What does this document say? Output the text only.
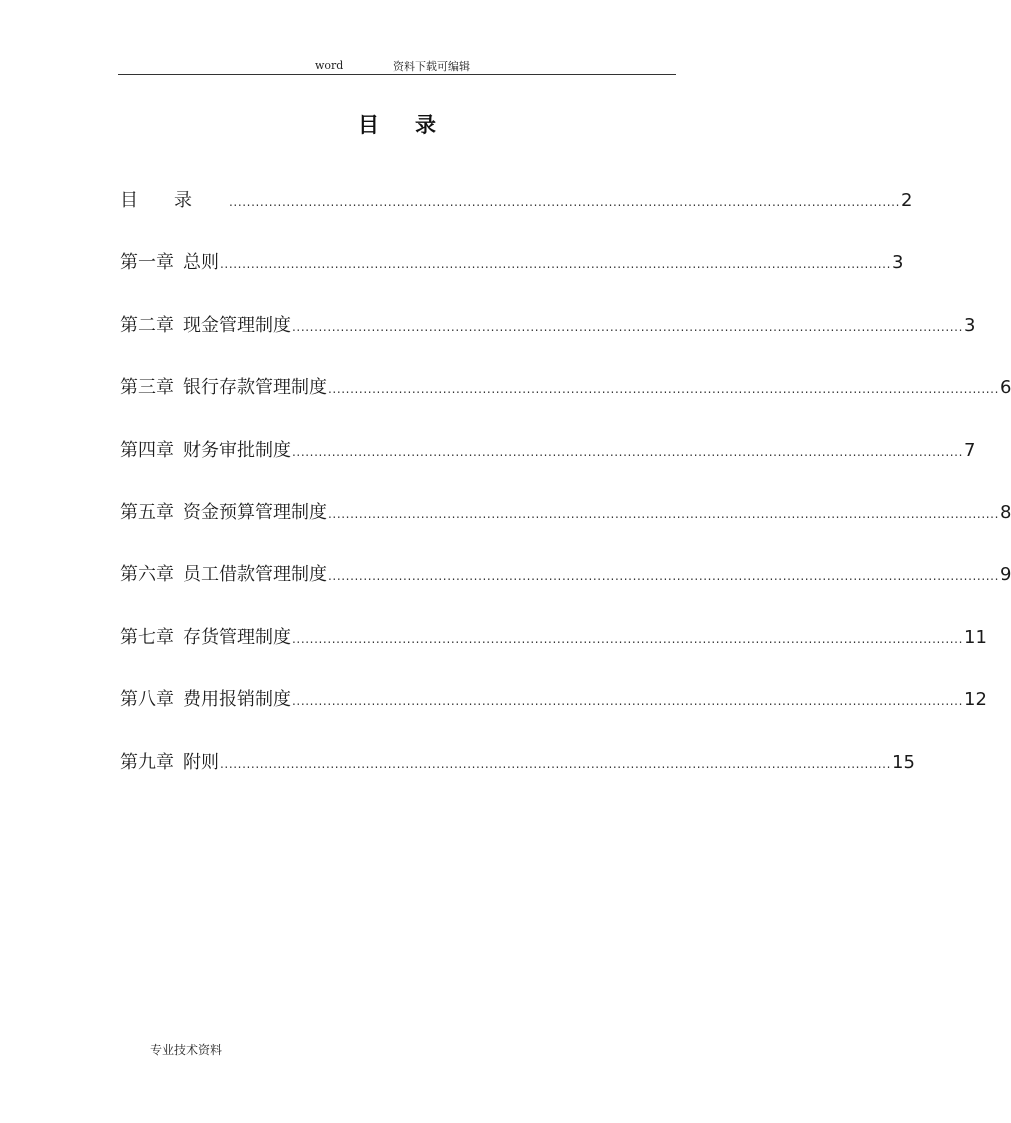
word	资料下载可编辑
目 录
目录 ........................................................................................................................................................ 2
第一章 总则 ........................................................................................................................................................ 3
第二章 现金管理制度 ........................................................................................................................................................ 3
第三章 银行存款管理制度 ........................................................................................................................................................ 6
第四章 财务审批制度 ........................................................................................................................................................ 7
第五章 资金预算管理制度 ........................................................................................................................................................ 8
第六章 员工借款管理制度 ........................................................................................................................................................ 9
第七章 存货管理制度 ........................................................................................................................................................ 11
第八章 费用报销制度 ........................................................................................................................................................ 12
第九章 附则 ........................................................................................................................................................ 15
专业技术资料
